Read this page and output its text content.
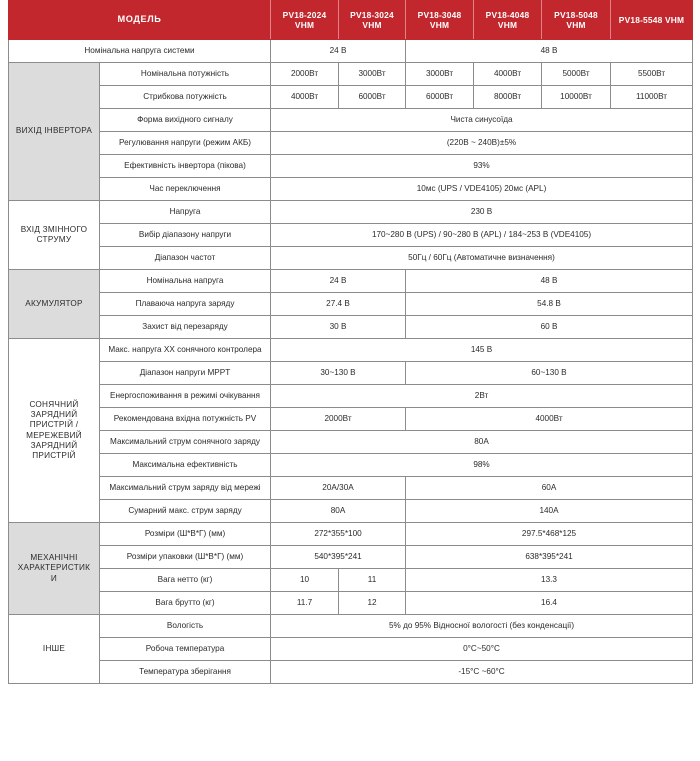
МОДЕЛЬ		PV18-2024 VHM	PV18-3024 VHM	PV18-3048 VHM	PV18-4048 VHM	PV18-5048 VHM	PV18-5548 VHM
Номінальна напруга системи		24 В		48 В			
ВИХІД ІНВЕРТОРА	Номінальна потужність	2000Вт	3000Вт	3000Вт	4000Вт	5000Вт	5500Вт
	Стрибкова потужність	4000Вт	6000Вт	6000Вт	8000Вт	10000Вт	11000Вт
	Форма вихідного сигналу	Чиста синусоїда					
	Регулювання напруги (режим АКБ)	(220В ~ 240В)±5%					
	Ефективність інвертора (пікова)	93%					
	Час переключення	10мс (UPS / VDE4105) 20мс (APL)					
ВХІД ЗМІННОГО СТРУМУ	Напруга	230 В					
	Вибір діапазону напруги	170~280 В (UPS) / 90~280 В (APL) / 184~253 В (VDE4105)					
	Діапазон частот	50Гц / 60Гц (Автоматичне визначення)					
АКУМУЛЯТОР	Номінальна напруга	24 В		48 В			
	Плаваюча напруга заряду	27.4 В		54.8 В			
	Захист від перезаряду	30 В		60 В			
СОНЯЧНИЙ ЗАРЯДНИЙ ПРИСТРІЙ / МЕРЕЖЕВИЙ ЗАРЯДНИЙ ПРИСТРІЙ	Макс. напруга ХХ сонячного контролера	145 В					
	Діапазон напруги MPPT	30~130 В		60~130 В			
	Енергоспоживання в режимі очікування	2Вт					
	Рекомендована вхідна потужність PV	2000Вт		4000Вт			
	Максимальний струм сонячного заряду	80A					
	Максимальна ефективність	98%					
	Максимальний струм заряду від мережі	20A/30A		60A			
	Сумарний макс. струм заряду	80A		140A			
МЕХАНІЧНІ ХАРАКТЕРИСТИКИ	Розміри (Ш*В*Г) (мм)	272*355*100		297.5*468*125			
	Розміри упаковки (Ш*В*Г) (мм)	540*395*241		638*395*241			
	Вага нетто (кг)	10	11	13.3			
	Вага брутто (кг)	11.7	12	16.4			
ІНШЕ	Вологість	5% до 95% Відносної вологості (без конденсації)					
	Робоча температура	0°C~50°C					
	Температура зберігання	-15°C ~60°C					
